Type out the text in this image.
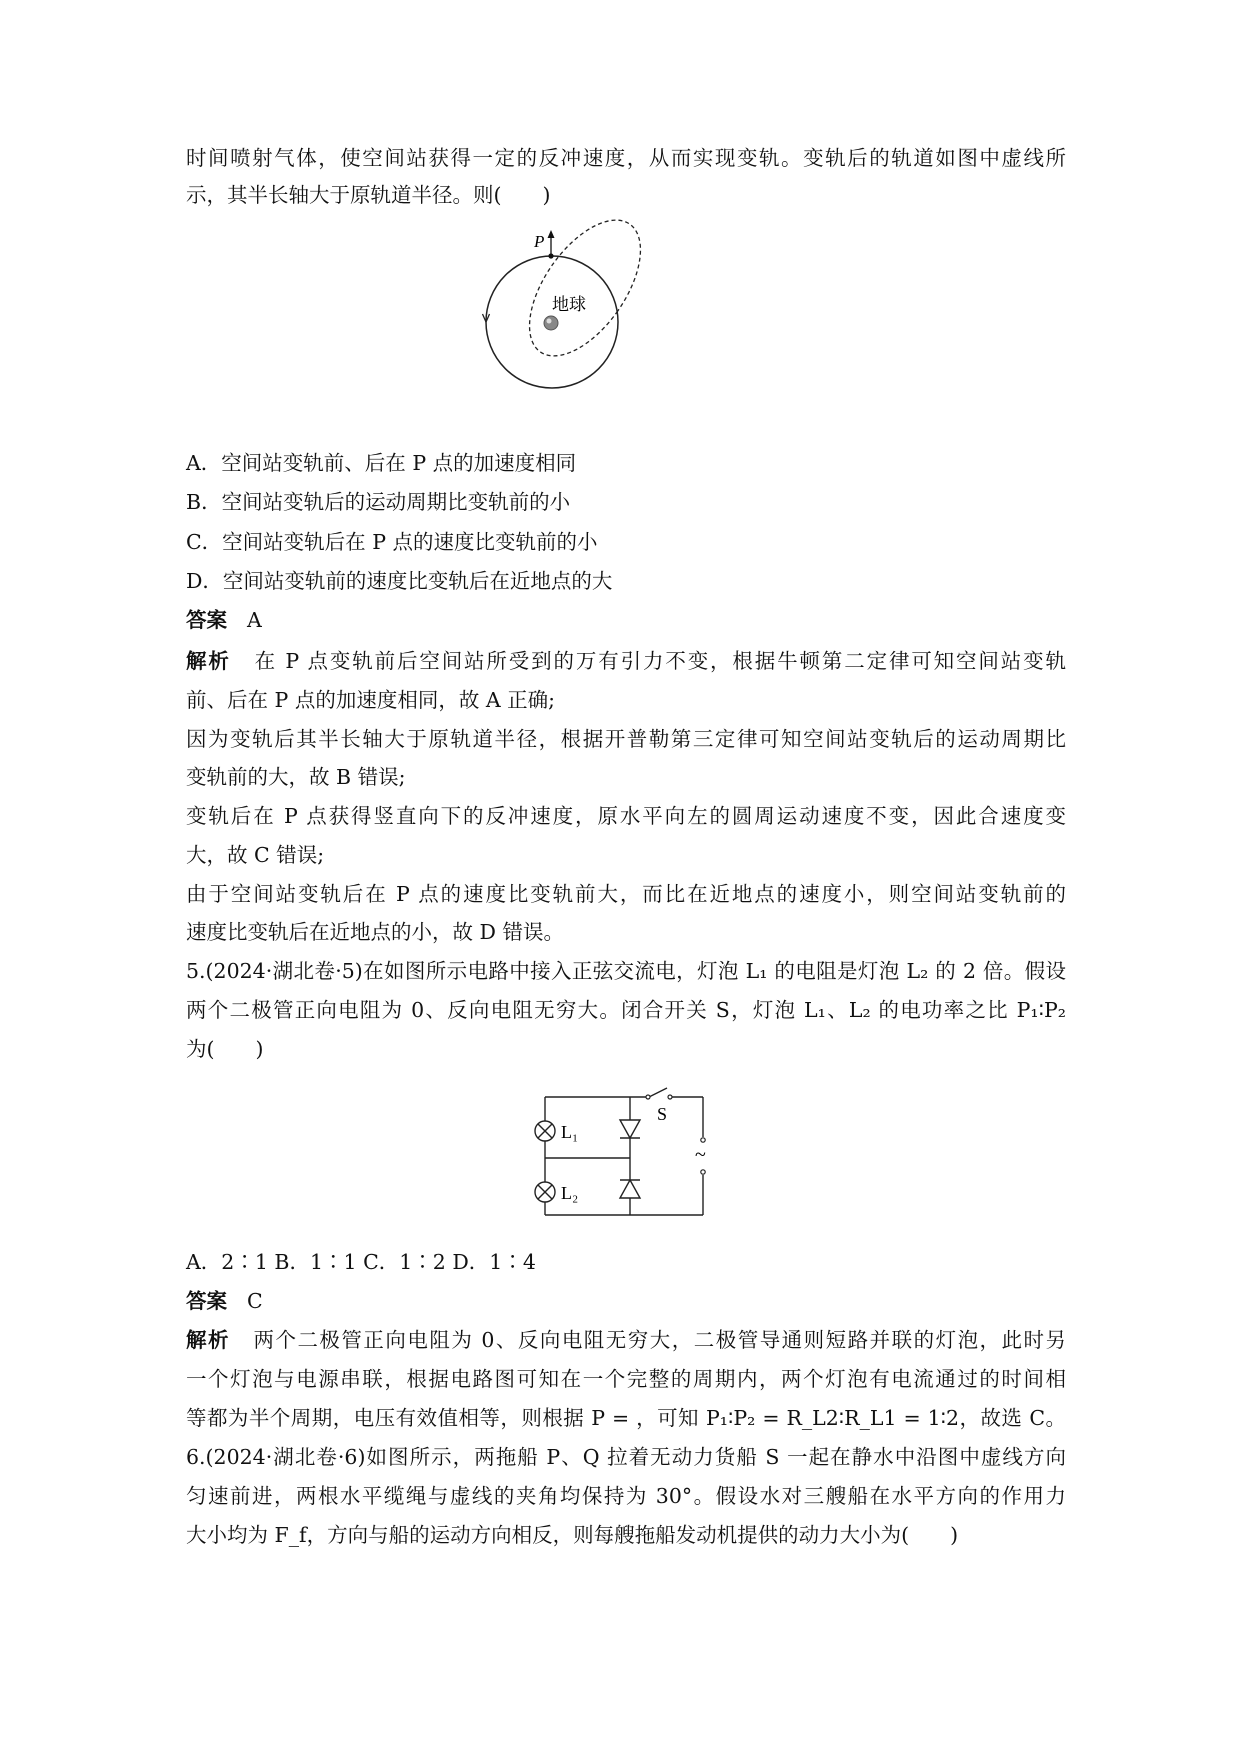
时间喷射气体，使空间站获得一定的反冲速度，从而实现变轨。变轨后的轨道如图中虚线所
示，其半长轴大于原轨道半径。则(　　)
P
地球
A．空间站变轨前、后在 P 点的加速度相同
B．空间站变轨后的运动周期比变轨前的小
C．空间站变轨后在 P 点的速度比变轨前的小
D．空间站变轨前的速度比变轨后在近地点的大
答案 A
解析 在 P 点变轨前后空间站所受到的万有引力不变，根据牛顿第二定律可知空间站变轨
前、后在 P 点的加速度相同，故 A 正确;
因为变轨后其半长轴大于原轨道半径，根据开普勒第三定律可知空间站变轨后的运动周期比
变轨前的大，故 B 错误;
变轨后在 P 点获得竖直向下的反冲速度，原水平向左的圆周运动速度不变，因此合速度变
大，故 C 错误;
由于空间站变轨后在 P 点的速度比变轨前大，而比在近地点的速度小，则空间站变轨前的
速度比变轨后在近地点的小，故 D 错误。
5.(2024·湖北卷·5)在如图所示电路中接入正弦交流电，灯泡 L₁ 的电阻是灯泡 L₂ 的 2 倍。假设
两个二极管正向电阻为 0、反向电阻无穷大。闭合开关 S，灯泡 L₁、L₂ 的电功率之比 P₁∶P₂
为(　　)
L₁
L₂
S
~
A．2∶1 B．1∶1 C．1∶2 D．1∶4
答案 C
解析 两个二极管正向电阻为 0、反向电阻无穷大，二极管导通则短路并联的灯泡，此时另
一个灯泡与电源串联，根据电路图可知在一个完整的周期内，两个灯泡有电流通过的时间相
等都为半个周期，电压有效值相等，则根据 P = ，可知 P₁∶P₂ = R_L2∶R_L1 = 1∶2，故选 C。
6.(2024·湖北卷·6)如图所示，两拖船 P、Q 拉着无动力货船 S 一起在静水中沿图中虚线方向
匀速前进，两根水平缆绳与虚线的夹角均保持为 30°。假设水对三艘船在水平方向的作用力
大小均为 F_f，方向与船的运动方向相反，则每艘拖船发动机提供的动力大小为(　　)
